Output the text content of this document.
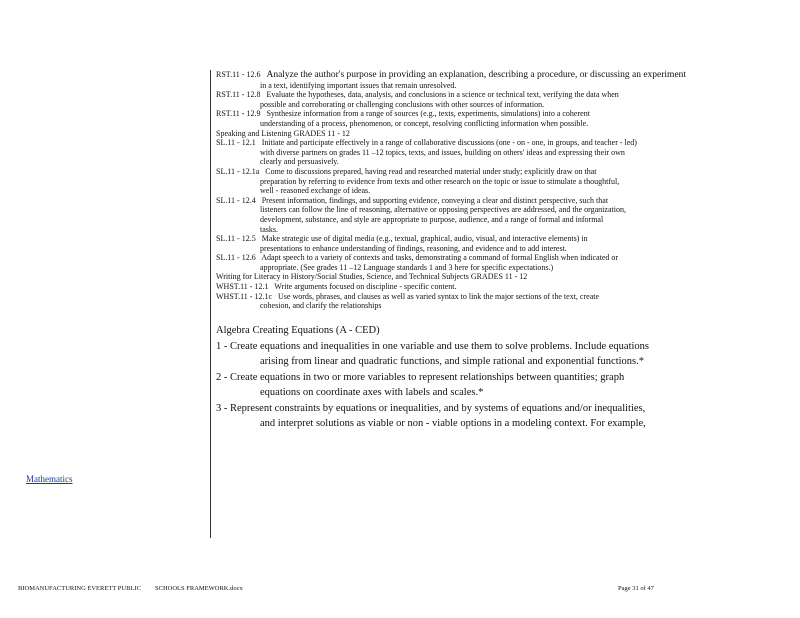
Mathematics

RST.11 - 12.6 Analyze the author's purpose in providing an explanation, describing a procedure, or discussing an experiment

in a text, identifying important issues that remain unresolved.

RST.11 - 12.8 Evaluate the hypotheses, data, analysis, and conclusions in a science or technical text, verifying the data when

possible and corroborating or challenging conclusions with other sources of information.

RST.11 - 12.9 Synthesize information from a range of sources (e.g., texts, experiments, simulations) into a coherent

understanding of a process, phenomenon, or concept, resolving conflicting information when possible.

Speaking and Listening GRADES 11 - 12

SL.11 - 12.1 Initiate and participate effectively in a range of collaborative discussions (one - on - one, in groups, and teacher - led)

with diverse partners on grades 11 –12 topics, texts, and issues, building on others' ideas and expressing their own

clearly and persuasively.

SL.11 - 12.1a Come to discussions prepared, having read and researched material under study; explicitly draw on that

preparation by referring to evidence from texts and other research on the topic or issue to stimulate a thoughtful,

well - reasoned exchange of ideas.

SL.11 - 12.4 Present information, findings, and supporting evidence, conveying a clear and distinct perspective, such that

listeners can follow the line of reasoning, alternative or opposing perspectives are addressed, and the organization,

development, substance, and style are appropriate to purpose, audience, and a range of formal and informal

tasks.

SL.11 - 12.5 Make strategic use of digital media (e.g., textual, graphical, audio, visual, and interactive elements) in

presentations to enhance understanding of findings, reasoning, and evidence and to add interest.

SL.11 - 12.6 Adapt speech to a variety of contexts and tasks, demonstrating a command of formal English when indicated or

appropriate. (See grades 11 –12 Language standards 1 and 3 here for specific expectations.)

Writing for Literacy in History/Social Studies, Science, and Technical Subjects GRADES 11 - 12

WHST.11 - 12.1 Write arguments focused on discipline - specific content.

WHST.11 - 12.1c Use words, phrases, and clauses as well as varied syntax to link the major sections of the text, create

cohesion, and clarify the relationships

Algebra Creating Equations (A - CED)

1 - Create equations and inequalities in one variable and use them to solve problems. Include equations

arising from linear and quadratic functions, and simple rational and exponential functions.*

2 - Create equations in two or more variables to represent relationships between quantities; graph

equations on coordinate axes with labels and scales.*

3 - Represent constraints by equations or inequalities, and by systems of equations and/or inequalities,

and interpret solutions as viable or non - viable options in a modeling context. For example,

BIOMANUFACTURING EVERETT PUBLIC SCHOOLS FRAMEWORK.docx	Page 31 of 47
